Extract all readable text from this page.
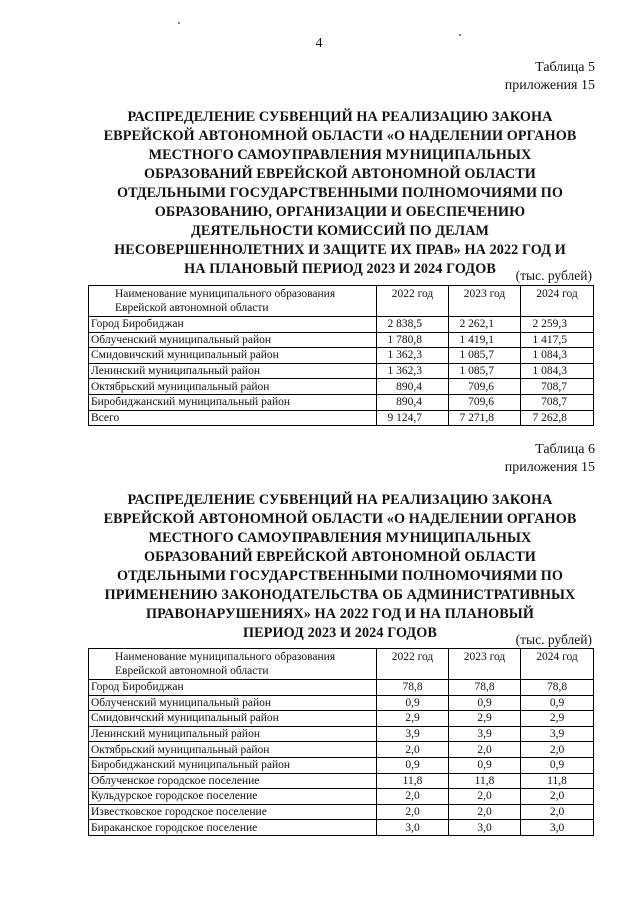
4
Таблица 5
приложения 15
РАСПРЕДЕЛЕНИЕ СУБВЕНЦИЙ НА РЕАЛИЗАЦИЮ ЗАКОНА
ЕВРЕЙСКОЙ АВТОНОМНОЙ ОБЛАСТИ «О НАДЕЛЕНИИ ОРГАНОВ
МЕСТНОГО САМОУПРАВЛЕНИЯ МУНИЦИПАЛЬНЫХ
ОБРАЗОВАНИЙ ЕВРЕЙСКОЙ АВТОНОМНОЙ ОБЛАСТИ
ОТДЕЛЬНЫМИ ГОСУДАРСТВЕННЫМИ ПОЛНОМОЧИЯМИ ПО
ОБРАЗОВАНИЮ, ОРГАНИЗАЦИИ И ОБЕСПЕЧЕНИЮ
ДЕЯТЕЛЬНОСТИ КОМИССИЙ ПО ДЕЛАМ
НЕСОВЕРШЕННОЛЕТНИХ И ЗАЩИТЕ ИХ ПРАВ» НА 2022 ГОД И
НА ПЛАНОВЫЙ ПЕРИОД 2023 И 2024 ГОДОВ	(тыс. рублей)
Наименование муниципального образования Еврейской автономной области	2022 год	2023 год	2024 год
Город Биробиджан	2 838,5	2 262,1	2 259,3
Облученский муниципальный район	1 780,8	1 419,1	1 417,5
Смидовичский муниципальный район	1 362,3	1 085,7	1 084,3
Ленинский муниципальный район	1 362,3	1 085,7	1 084,3
Октябрьский муниципальный район	890,4	709,6	708,7
Биробиджанский муниципальный район	890,4	709,6	708,7
Всего	9 124,7	7 271,8	7 262,8
Таблица 6
приложения 15
РАСПРЕДЕЛЕНИЕ СУБВЕНЦИЙ НА РЕАЛИЗАЦИЮ ЗАКОНА
ЕВРЕЙСКОЙ АВТОНОМНОЙ ОБЛАСТИ «О НАДЕЛЕНИИ ОРГАНОВ
МЕСТНОГО САМОУПРАВЛЕНИЯ МУНИЦИПАЛЬНЫХ
ОБРАЗОВАНИЙ ЕВРЕЙСКОЙ АВТОНОМНОЙ ОБЛАСТИ
ОТДЕЛЬНЫМИ ГОСУДАРСТВЕННЫМИ ПОЛНОМОЧИЯМИ ПО
ПРИМЕНЕНИЮ ЗАКОНОДАТЕЛЬСТВА ОБ АДМИНИСТРАТИВНЫХ
ПРАВОНАРУШЕНИЯХ» НА 2022 ГОД И НА ПЛАНОВЫЙ
ПЕРИОД 2023 И 2024 ГОДОВ	(тыс. рублей)
Наименование муниципального образования Еврейской автономной области	2022 год	2023 год	2024 год
Город Биробиджан	78,8	78,8	78,8
Облученский муниципальный район	0,9	0,9	0,9
Смидовичский муниципальный район	2,9	2,9	2,9
Ленинский муниципальный район	3,9	3,9	3,9
Октябрьский муниципальный район	2,0	2,0	2,0
Биробиджанский муниципальный район	0,9	0,9	0,9
Облученское городское поселение	11,8	11,8	11,8
Кульдурское городское поселение	2,0	2,0	2,0
Известковское городское поселение	2,0	2,0	2,0
Бираканское городское поселение	3,0	3,0	3,0
